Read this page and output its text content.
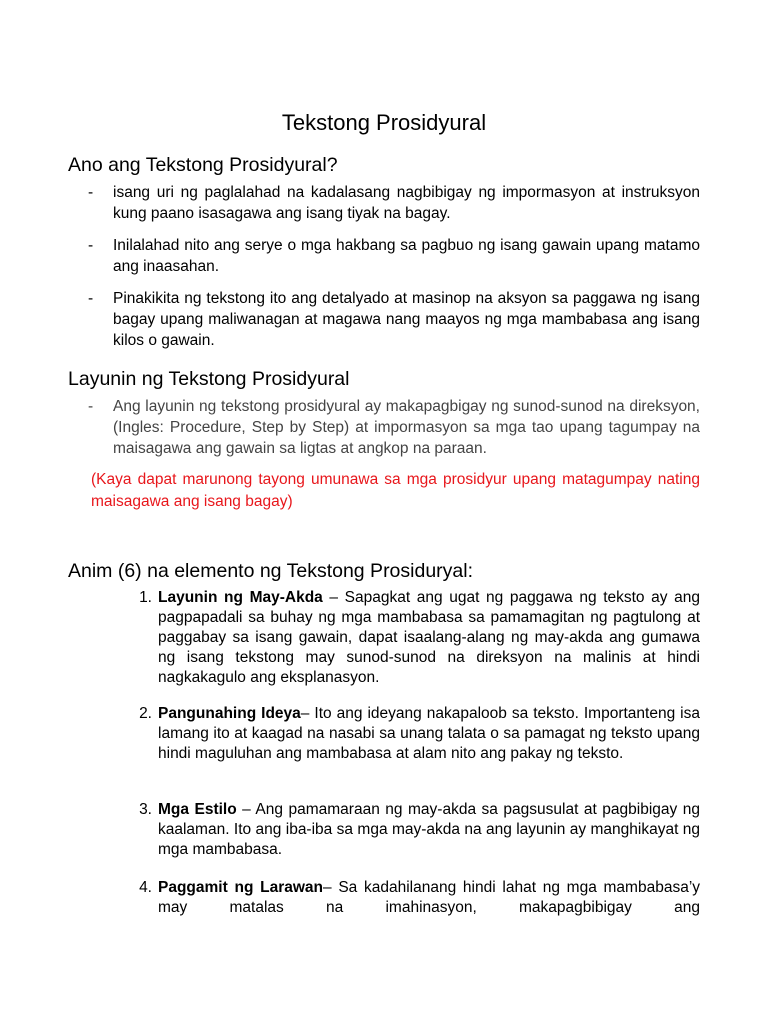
Tekstong Prosidyural
Ano ang Tekstong Prosidyural?
-	isang uri ng paglalahad na kadalasang nagbibigay ng impormasyon at instruksyon kung paano isasagawa ang isang tiyak na bagay.
-	Inilalahad nito ang serye o mga hakbang sa pagbuo ng isang gawain upang matamo ang inaasahan.
-	Pinakikita ng tekstong ito ang detalyado at masinop na aksyon sa paggawa ng isang bagay upang maliwanagan at magawa nang maayos ng mga mambabasa ang isang kilos o gawain.
Layunin ng Tekstong Prosidyural
-	Ang layunin ng tekstong prosidyural ay makapagbigay ng sunod-sunod na direksyon, (Ingles: Procedure, Step by Step) at impormasyon sa mga tao upang tagumpay na maisagawa ang gawain sa ligtas at angkop na paraan.
(Kaya dapat marunong tayong umunawa sa mga prosidyur upang matagumpay nating maisagawa ang isang bagay)
Anim (6) na elemento ng Tekstong Prosiduryal:
1. Layunin ng May-Akda – Sapagkat ang ugat ng paggawa ng teksto ay ang pagpapadali sa buhay ng mga mambabasa sa pamamagitan ng pagtulong at paggabay sa isang gawain, dapat isaalang-alang ng may-akda ang gumawa ng isang tekstong may sunod-sunod na direksyon na malinis at hindi nagkakagulo ang eksplanasyon.
2. Pangunahing Ideya– Ito ang ideyang nakapaloob sa teksto. Importanteng isa lamang ito at kaagad na nasabi sa unang talata o sa pamagat ng teksto upang hindi maguluhan ang mambabasa at alam nito ang pakay ng teksto.
3. Mga Estilo – Ang pamamaraan ng may-akda sa pagsusulat at pagbibigay ng kaalaman. Ito ang iba-iba sa mga may-akda na ang layunin ay manghikayat ng mga mambabasa.
4. Paggamit ng Larawan– Sa kadahilanang hindi lahat ng mga mambabasa’y may matalas na imahinasyon, makapagbibigay ang
